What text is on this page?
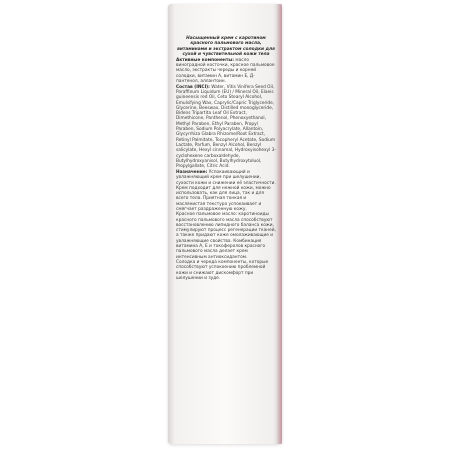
Насыщенный крем с каротином красного пальмового масла, витаминами и экстрактом солодки для сухой и чувствительной кожи тела

Активные компоненты: масло виноградной косточки, красное пальмовое масло, экстракты череды и корней солодки, витамин А, витамин Е, Д-пантенол, аллантоин.

Состав (INCI): Water, Vitis Vinifera Seed Oil, Paraffinum Liquidum (EU) / Mineral Oil, Elaeis guineensis red Oil, Ceto Stearyl Alcohol, Emulsifying Wax, Caprylic/Capric Triglyceride, Glycerine, Beeswax, Distilled monoglyceride, Bidens Tripartita Leaf Oil Extract, Dimethicone, Panthenol, Phenoxyethanol, Methyl Paraben, Ethyl Paraben, Propyl Paraben, Sodium Polyacrylate, Allantoin, Glycyrrhiza Glabra Rhizome/Root Extract, Retinyl Palmitate, Tocopheryl Acetate, Sodium Lactate, Parfum, Benzyl Alcohol, Benzyl salicylate, Hexyl cinnamal, Hydroxyisohexyl 3-cyclohexene carboxaldehyde, Butylhydroxyanisol, Butylhydroxytoluol, Propylgallate, Citric Acid.

Назначение: Успокаивающий и увлажняющий крем при шелушении, сухости кожи и снижении её эластичности.

Крем подходит для нежной кожи, можно использовать, как для лица, так и для всего тела. Приятная тонкая и маслянистая текстура успокаивает и смягчает раздраженную кожу.

Красное пальмовое масло: каротиноиды красного пальмового масла способствуют восстановлению липидного баланса кожи, стимулируют процесс регенерации тканей, а также придают коже омолаживающие и увлажняющие свойства. Комбинация витамина А, Е и токоферолов красного пальмового масла делает крем интенсивным антиоксидантом.

Солодка и череда компоненты, которые способствуют успокоению проблемной кожи и снижают дискомфорт при шелушении и зуде.
